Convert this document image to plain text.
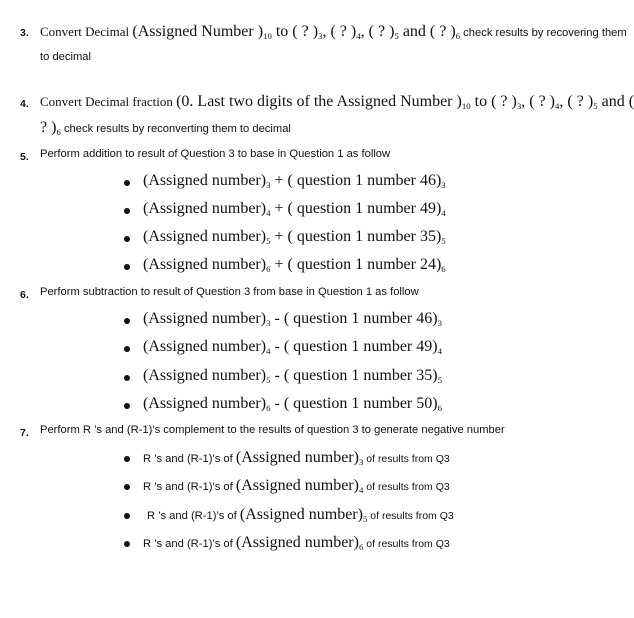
3. Convert Decimal (Assigned Number )$_{10}$ to ( ? )$_3$, ( ? )$_4$, ( ? )$_5$ and ( ? )$_6$ check results by recovering them
to decimal
4. Convert Decimal fraction (0. Last two digits of the Assigned Number )$_{10}$ to ( ? )$_3$, ( ? )$_4$, ( ? )$_5$ and (
? )$_6$ check results by reconverting them to decimal
5. Perform addition to result of Question 3 to base in Question 1 as follow
(Assigned $number)_3$ + ( question 1 number $46)_3$
(Assigned $number)_4$ + ( question 1 number $49)_4$
(Assigned $number)_5$ + ( question 1 number $35)_5$
(Assigned $number)_6$ + ( question 1 number $24)_6$
6. Perform subtraction to result of Question 3 from base in Question 1 as follow
(Assigned $number)_3$ - ( question 1 number $46)_3$
(Assigned $number)_4$ - ( question 1 number $49)_4$
(Assigned $number)_5$ - ( question 1 number $35)_5$
(Assigned $number)_6$ - ( question 1 number $50)_6$
7. Perform R ’s and (R-1)’s complement to the results of question 3 to generate negative number
R ’s and (R-1)’s of (Assigned $number)_3$ of results from Q3
R ’s and (R-1)’s of (Assigned $number)_4$ of results from Q3
R ’s and (R-1)’s of (Assigned $number)_5$ of results from Q3
R ’s and (R-1)’s of (Assigned $number)_6$ of results from Q3
